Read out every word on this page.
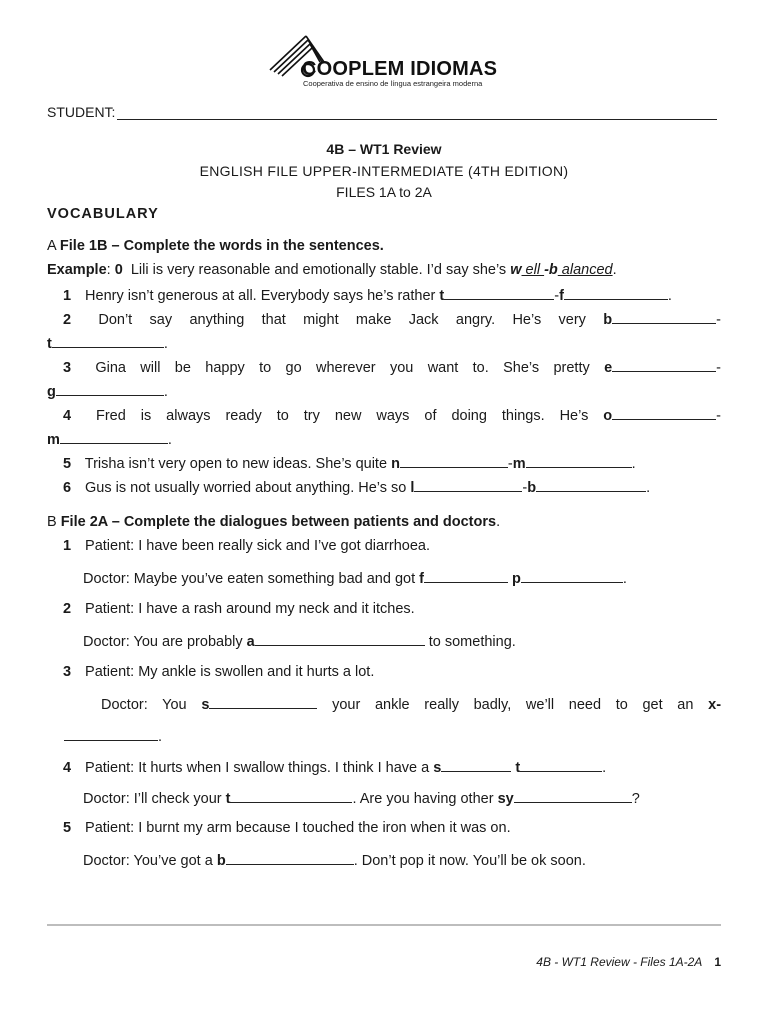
COOPLEM IDIOMAS
Cooperativa de ensino de língua estrangeira moderna
STUDENT:
4B – WT1 Review
ENGLISH FILE UPPER-INTERMEDIATE (4TH EDITION)
FILES 1A to 2A
VOCABULARY
A File 1B – Complete the words in the sentences.
Example: 0 Lili is very reasonable and emotionally stable. I’d say she’s w ell -b alanced.
1 Henry isn’t generous at all. Everybody says he’s rather t	-f	.
2 Don’t say anything that might make Jack angry. He’s very b	-
t	.
3 Gina will be happy to go wherever you want to. She’s pretty e	-
g	.
4 Fred is always ready to try new ways of doing things. He’s o	-
m	.
5 Trisha isn’t very open to new ideas. She’s quite n	-m	.
6 Gus is not usually worried about anything. He’s so l	-b	.
B File 2A – Complete the dialogues between patients and doctors.
1 Patient: I have been really sick and I’ve got diarrhoea.
Doctor: Maybe you’ve eaten something bad and got f	p	.
2 Patient: I have a rash around my neck and it itches.
Doctor: You are probably a	to something.
3 Patient: My ankle is swollen and it hurts a lot.
Doctor: You s	your ankle really badly, we’ll need to get an x-
.
4 Patient: It hurts when I swallow things. I think I have a s	t	.
Doctor: I’ll check your t	. Are you having other sy	?
5 Patient: I burnt my arm because I touched the iron when it was on.
Doctor: You’ve got a b	. Don’t pop it now. You’ll be ok soon.
4B - WT1 Review - Files 1A-2A 1
